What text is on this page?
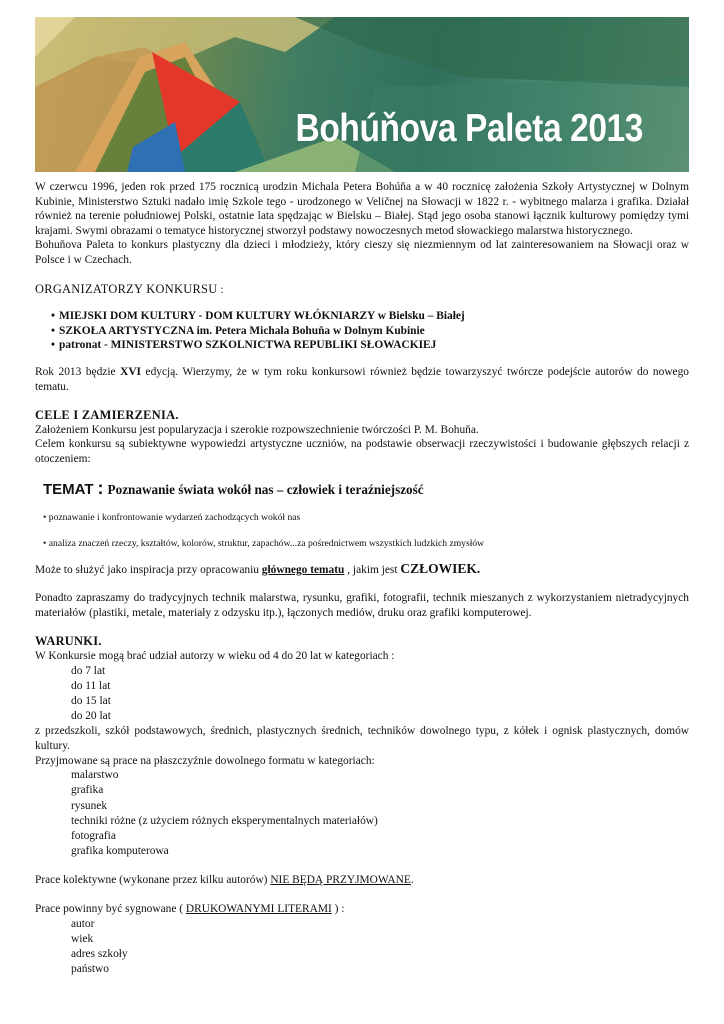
Bohúňova Paleta 2013

W czerwcu 1996, jeden rok przed 175 rocznicą urodzin Michala Petera Bohúňa a w 40 rocznicę założenia Szkoły Artystycznej w Dolnym Kubinie, Ministerstwo Sztuki nadało imię Szkole tego - urodzonego w Veličnej na Słowacji w 1822 r. - wybitnego malarza i grafika. Działał również na terenie południowej Polski, ostatnie lata spędzając w Bielsku – Białej. Stąd jego osoba stanowi łącznik kulturowy pomiędzy tymi krajami. Swymi obrazami o tematyce historycznej stworzył podstawy nowoczesnych metod słowackiego malarstwa historycznego.

Bohuňova Paleta to konkurs plastyczny dla dzieci i młodzieży, który cieszy się niezmiennym od lat zainteresowaniem na Słowacji oraz w Polsce i w Czechach.

ORGANIZATORZY KONKURSU :

• MIEJSKI DOM KULTURY - DOM KULTURY WŁÓKNIARZY w Bielsku – Białej
• SZKOŁA ARTYSTYCZNA im. Petera Michala Bohuňa w Dolnym Kubinie
• patronat - MINISTERSTWO SZKOLNICTWA REPUBLIKI SŁOWACKIEJ

Rok 2013 będzie XVI edycją. Wierzymy, że w tym roku konkursowi również będzie towarzyszyć twórcze podejście autorów do nowego tematu.

CELE I ZAMIERZENIA.

Założeniem Konkursu jest popularyzacja i szerokie rozpowszechnienie twórczości P. M. Bohuňa.

Celem konkursu są subiektywne wypowiedzi artystyczne uczniów, na podstawie obserwacji rzeczywistości i budowanie głębszych relacji z otoczeniem:

TEMAT : Poznawanie świata wokół nas – człowiek i teraźniejszość

• poznawanie i konfrontowanie wydarzeń zachodzących wokół nas

• analiza znaczeń rzeczy, kształtów, kolorów, struktur, zapachów...za pośrednictwem wszystkich ludzkich zmysłów

Może to służyć jako inspiracja przy opracowaniu głównego tematu , jakim jest CZŁOWIEK.

Ponadto zapraszamy do tradycyjnych technik malarstwa, rysunku, grafiki, fotografii, technik mieszanych z wykorzystaniem nietradycyjnych materiałów (plastiki, metale, materiały z odzysku itp.), łączonych mediów, druku oraz grafiki komputerowej.

WARUNKI.

W Konkursie mogą brać udział autorzy w wieku od 4 do 20 lat w kategoriach :

do 7 lat
do 11 lat
do 15 lat
do 20 lat

z przedszkoli, szkół podstawowych, średnich, plastycznych średnich, techników dowolnego typu, z kółek i ognisk plastycznych, domów kultury.

Przyjmowane są prace na płaszczyźnie dowolnego formatu w kategoriach:

malarstwo
grafika
rysunek
techniki różne (z użyciem różnych eksperymentalnych materiałów)
fotografia
grafika komputerowa

Prace kolektywne (wykonane przez kilku autorów) NIE BĘDĄ PRZYJMOWANE.

Prace powinny być sygnowane ( DRUKOWANYMI LITERAMI ) :

autor
wiek
adres szkoły
państwo
